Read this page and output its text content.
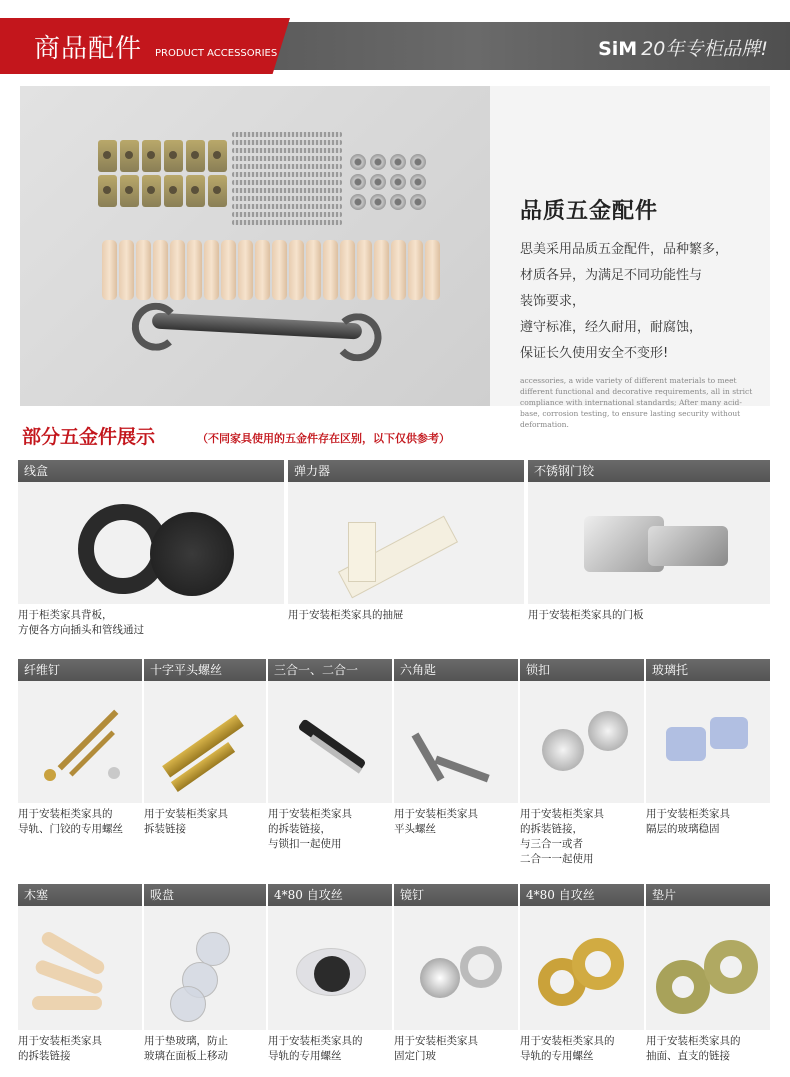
商品配件 PRODUCT ACCESSORIES	SiM 20年专柜品牌!
品质五金配件
思美采用品质五金配件，品种繁多，
材质各异，为满足不同功能性与
装饰要求，
遵守标准，经久耐用，耐腐蚀，
保证长久使用安全不变形!
accessories, a wide variety of different materials to meet different functional and decorative requirements, all in strict compliance with international standards; After many acid-base, corrosion testing, to ensure lasting security without deformation.
部分五金件展示	（不同家具使用的五金件存在区别，以下仅供参考）
线盒
用于柜类家具背板，
方便各方向插头和管线通过
弹力器
用于安装柜类家具的抽屉
不锈钢门铰
用于安装柜类家具的门板
纤维钉
用于安装柜类家具的
导轨、门铰的专用螺丝
十字平头螺丝
用于安装柜类家具
拆装链接
三合一、二合一
用于安装柜类家具
的拆装链接，
与锁扣一起使用
六角匙
用于安装柜类家具
平头螺丝
锁扣
用于安装柜类家具
的拆装链接，
与三合一或者
二合一一起使用
玻璃托
用于安装柜类家具
隔层的玻璃稳固
木塞
用于安装柜类家具
的拆装链接
吸盘
用于垫玻璃，防止
玻璃在面板上移动
4*80 自攻丝
用于安装柜类家具的
导轨的专用螺丝
镜钉
用于安装柜类家具
固定门玻
4*80 自攻丝
用于安装柜类家具的
导轨的专用螺丝
垫片
用于安装柜类家具的
抽面、直支的链接
